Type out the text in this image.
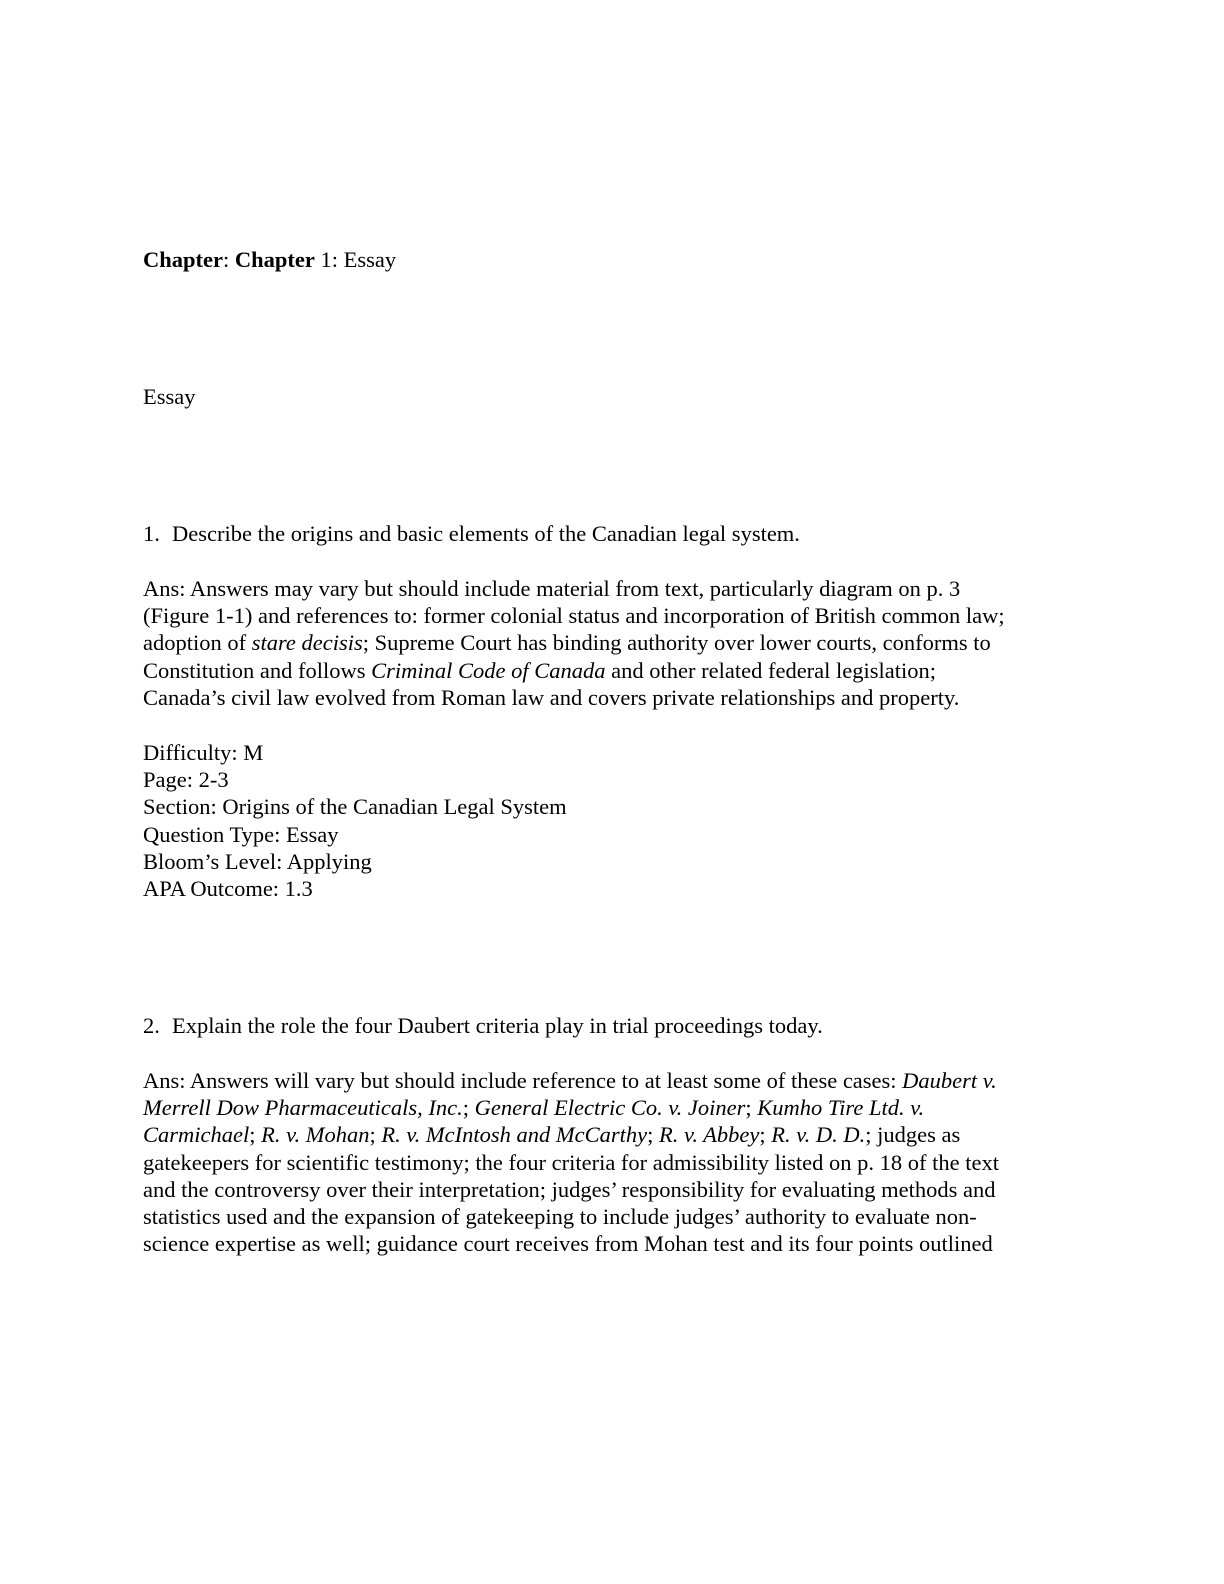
Chapter: Chapter 1: Essay

Essay

1. Describe the origins and basic elements of the Canadian legal system.

Ans: Answers may vary but should include material from text, particularly diagram on p. 3
(Figure 1-1) and references to: former colonial status and incorporation of British common law;
adoption of stare decisis; Supreme Court has binding authority over lower courts, conforms to
Constitution and follows Criminal Code of Canada and other related federal legislation;
Canada’s civil law evolved from Roman law and covers private relationships and property.
Difficulty: M
Page: 2-3
Section: Origins of the Canadian Legal System
Question Type: Essay
Bloom’s Level: Applying
APA Outcome: 1.3

2. Explain the role the four Daubert criteria play in trial proceedings today.

Ans: Answers will vary but should include reference to at least some of these cases: Daubert v.
Merrell Dow Pharmaceuticals, Inc.; General Electric Co. v. Joiner; Kumho Tire Ltd. v.
Carmichael; R. v. Mohan; R. v. McIntosh and McCarthy; R. v. Abbey; R. v. D. D.; judges as
gatekeepers for scientific testimony; the four criteria for admissibility listed on p. 18 of the text
and the controversy over their interpretation; judges’ responsibility for evaluating methods and
statistics used and the expansion of gatekeeping to include judges’ authority to evaluate non-
science expertise as well; guidance court receives from Mohan test and its four points outlined
